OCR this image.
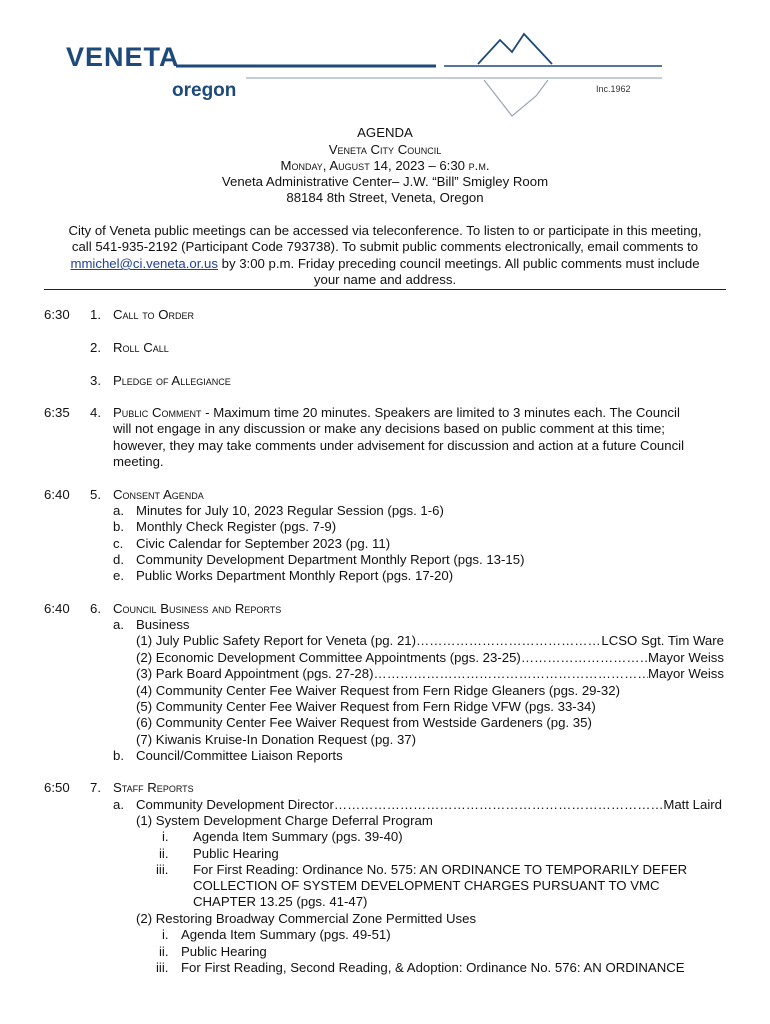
VENETA
oregon	Inc.1962
AGENDA
Veneta City Council
Monday, August 14, 2023 – 6:30 p.m.
Veneta Administrative Center– J.W. “Bill” Smigley Room
88184 8th Street, Veneta, Oregon
City of Veneta public meetings can be accessed via teleconference. To listen to or participate in this meeting,
call 541-935-2192 (Participant Code 793738). To submit public comments electronically, email comments to
mmichel@ci.veneta.or.us by 3:00 p.m. Friday preceding council meetings. All public comments must include
your name and address.
6:30 1. Call to Order
2. Roll Call
3. Pledge of Allegiance
6:35 4. Public Comment - Maximum time 20 minutes. Speakers are limited to 3 minutes each. The Council
will not engage in any discussion or make any decisions based on public comment at this time;
however, they may take comments under advisement for discussion and action at a future Council
meeting.
6:40 5. Consent Agenda
a. Minutes for July 10, 2023 Regular Session (pgs. 1-6)
b. Monthly Check Register (pgs. 7-9)
c. Civic Calendar for September 2023 (pg. 11)
d. Community Development Department Monthly Report (pgs. 13-15)
e. Public Works Department Monthly Report (pgs. 17-20)
6:40 6. Council Business and Reports
a. Business
(1) July Public Safety Report for Veneta (pg. 21) …………………………………………………………………………………………………………………………………………………………………………	LCSO Sgt. Tim Ware
(2) Economic Development Committee Appointments (pgs. 23-25) …………………………………………………………………………………………………………………………………………………………………………	Mayor Weiss
(3) Park Board Appointment (pgs. 27-28) …………………………………………………………………………………………………………………………………………………………………………	Mayor Weiss
(4) Community Center Fee Waiver Request from Fern Ridge Gleaners (pgs. 29-32)
(5) Community Center Fee Waiver Request from Fern Ridge VFW (pgs. 33-34)
(6) Community Center Fee Waiver Request from Westside Gardeners (pg. 35)
(7) Kiwanis Kruise-In Donation Request (pg. 37)
b. Council/Committee Liaison Reports
6:50 7. Staff Reports
a. Community Development Director …………………………………………………………………………………………………………………………………………………………………………	Matt Laird
(1) System Development Charge Deferral Program
i. Agenda Item Summary (pgs. 39-40)
ii. Public Hearing
iii. For First Reading: Ordinance No. 575: AN ORDINANCE TO TEMPORARILY DEFER
COLLECTION OF SYSTEM DEVELOPMENT CHARGES PURSUANT TO VMC
CHAPTER 13.25 (pgs. 41-47)
(2) Restoring Broadway Commercial Zone Permitted Uses
i. Agenda Item Summary (pgs. 49-51)
ii. Public Hearing
iii. For First Reading, Second Reading, & Adoption: Ordinance No. 576: AN ORDINANCE
